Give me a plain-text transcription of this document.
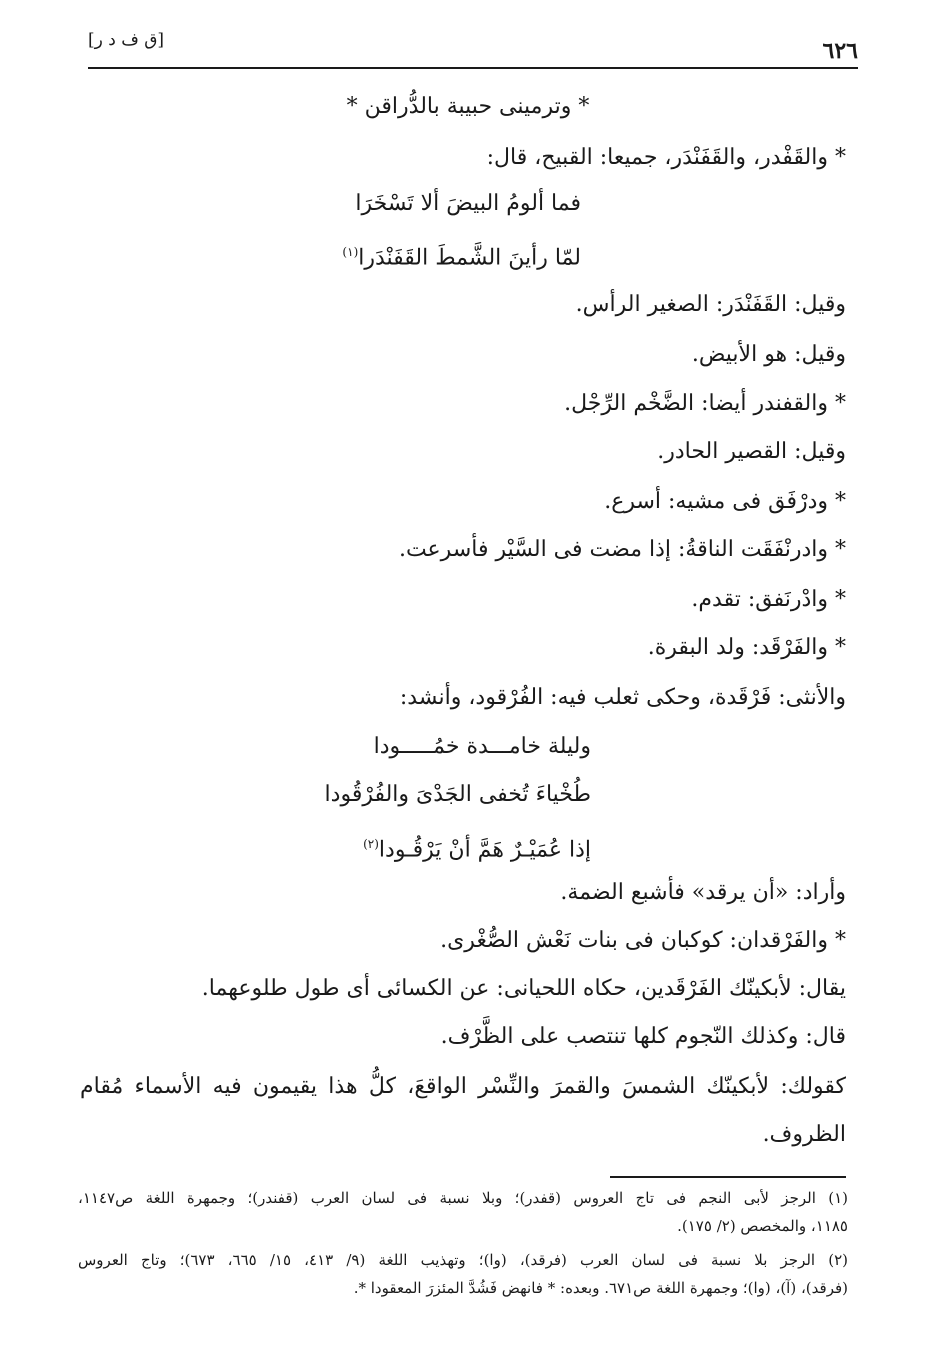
٦٢٦
[ق ف د ر]
* وترمينى حبيبة بالدُّراقن *
* والقَفْدر، والقَفَنْدَر، جميعا: القبيح، قال:
فما ألومُ البيضَ ألا تَسْخَرَا
لمّا رأينَ الشَّمطَ القَفَنْدَرا$^{(١)}$
وقيل: القَفَنْدَر: الصغير الرأس.
وقيل: هو الأبيض.
* والقفندر أيضا: الضَّخْم الرِّجْل.
وقيل: القصير الحادر.
* ودرْفَق فى مشيه: أسرع.
* وادرنْفَقَت الناقةُ: إذا مضت فى السَّيْر فأسرعت.
* وادْرنَفق: تقدم.
* والفَرْقَد: ولد البقرة.
والأنثى: فَرْقَدة، وحكى ثعلب فيه: الفُرْقود، وأنشد:
وليلة خامـــدة خمُـــــودا
طُخْياءَ تُخفى الجَدْىَ والفُرْقُودا
إذا عُمَيْـرٌ هَمَّ أنْ يَرْقُـودا$^{(٢)}$
وأراد: «أن يرقد» فأشبع الضمة.
* والفَرْقدان: كوكبان فى بنات نَعْش الصُّغْرى.
يقال: لأبكينّك الفَرْقَدين، حكاه اللحيانى: عن الكسائى أى طول طلوعهما.
قال: وكذلك النّجوم كلها تنتصب على الظَّرْف.
كقولك: لأبكينّك الشمسَ والقمرَ والنِّسْر الواقعَ، كلُّ هذا يقيمون فيه الأسماء مُقام
الظروف.
(١) الرجز لأبى النجم فى تاج العروس (قفدر)؛ وبلا نسبة فى لسان العرب (قفندر)؛ وجمهرة اللغة ص١١٤٧،
١١٨٥، والمخصص (٢/ ١٧٥).
(٢) الرجز بلا نسبة فى لسان العرب (فرقد)، (وا)؛ وتهذيب اللغة (٩/ ٤١٣، ١٥/ ٦٦٥، ٦٧٣)؛ وتاج العروس
(فرقد)، (آ)، (وا)؛ وجمهرة اللغة ص٦٧١. وبعده: * فانهض فَشُدَّ المئزرَ المعقودا *.
